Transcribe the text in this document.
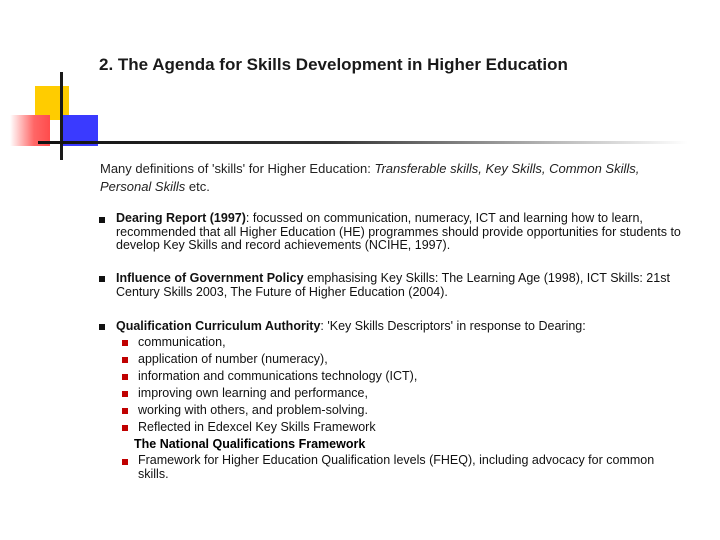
2. The Agenda for Skills Development in Higher Education
Many definitions of 'skills' for Higher Education: Transferable skills, Key Skills, Common Skills, Personal Skills etc.
Dearing Report (1997): focussed on communication, numeracy, ICT and learning how to learn, recommended that all Higher Education (HE) programmes should provide opportunities for students to develop Key Skills and record achievements (NCIHE, 1997).
Influence of Government Policy emphasising Key Skills: The Learning Age (1998), ICT Skills: 21st Century Skills 2003, The Future of Higher Education (2004).
Qualification Curriculum Authority: 'Key Skills Descriptors' in response to Dearing:
communication,
application of number (numeracy),
information and communications technology (ICT),
improving own learning and performance,
working with others, and problem-solving.
Reflected in Edexcel Key Skills Framework
The National Qualifications Framework
Framework for Higher Education Qualification levels (FHEQ), including advocacy for common skills.
